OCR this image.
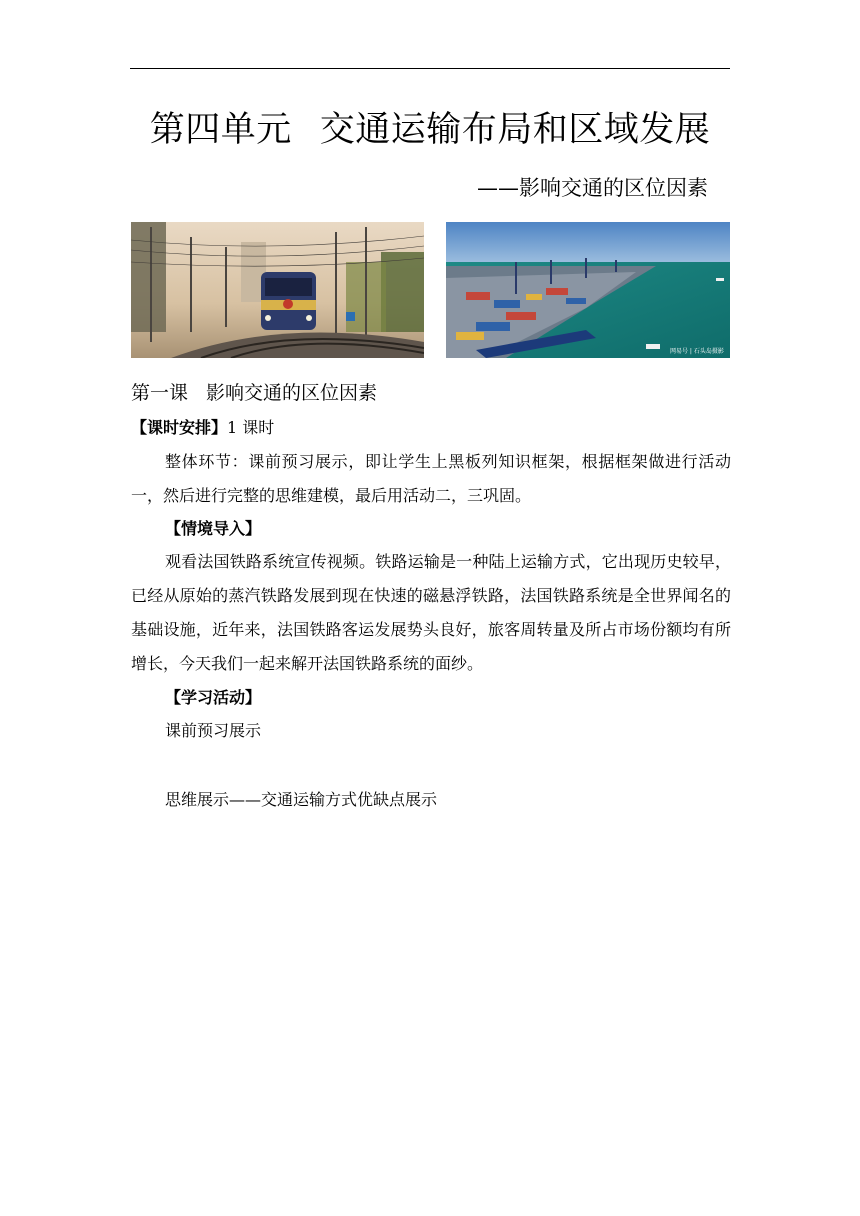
第四单元 交通运输布局和区域发展
——影响交通的区位因素
网易号 | 石头岛摄影
第一课 影响交通的区位因素
【课时安排】1 课时
整体环节：课前预习展示，即让学生上黑板列知识框架，根据框架做进行活动一，然后进行完整的思维建模，最后用活动二，三巩固。
【情境导入】
观看法国铁路系统宣传视频。铁路运输是一种陆上运输方式，它出现历史较早，已经从原始的蒸汽铁路发展到现在快速的磁悬浮铁路，法国铁路系统是全世界闻名的基础设施，近年来，法国铁路客运发展势头良好，旅客周转量及所占市场份额均有所增长，今天我们一起来解开法国铁路系统的面纱。
【学习活动】
课前预习展示
思维展示——交通运输方式优缺点展示
